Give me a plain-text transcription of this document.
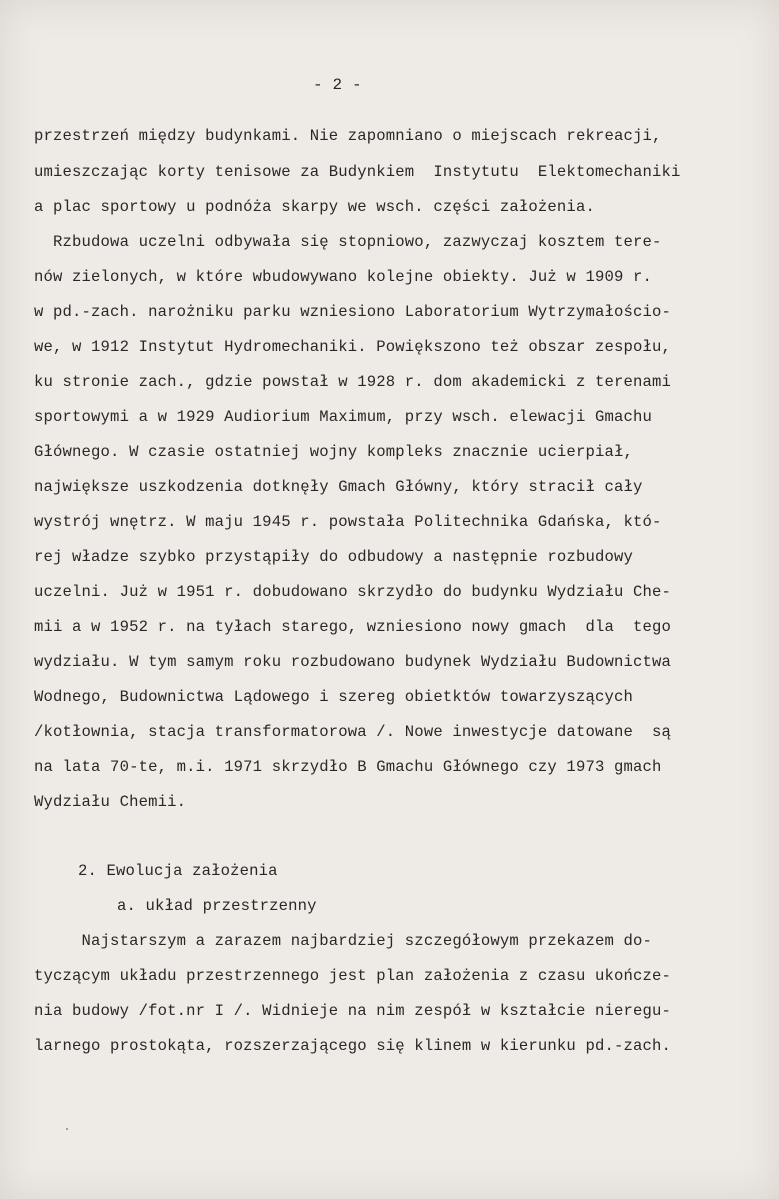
- 2 -
przestrzeń między budynkami. Nie zapomniano o miejscach rekreacji,
umieszczając korty tenisowe za Budynkiem  Instytutu  Elektomechaniki
a plac sportowy u podnóża skarpy we wsch. części założenia.
Rzbudowa uczelni odbywała się stopniowo, zazwyczaj kosztem tere-
nów zielonych, w które wbudowywano kolejne obiekty. Już w 1909 r.
w pd.-zach. narożniku parku wzniesiono Laboratorium Wytrzymałościo-
we, w 1912 Instytut Hydromechaniki. Powiększono też obszar zespołu,
ku stronie zach., gdzie powstał w 1928 r. dom akademicki z terenami
sportowymi a w 1929 Audiorium Maximum, przy wsch. elewacji Gmachu
Głównego. W czasie ostatniej wojny kompleks znacznie ucierpiał,
największe uszkodzenia dotknęły Gmach Główny, który stracił cały
wystrój wnętrz. W maju 1945 r. powstała Politechnika Gdańska, któ-
rej władze szybko przystąpiły do odbudowy a następnie rozbudowy
uczelni. Już w 1951 r. dobudowano skrzydło do budynku Wydziału Che-
mii a w 1952 r. na tyłach starego, wzniesiono nowy gmach  dla  tego
wydziału. W tym samym roku rozbudowano budynek Wydziału Budownictwa
Wodnego, Budownictwa Lądowego i szereg obietktów towarzyszących
/kotłownia, stacja transformatorowa /. Nowe inwestycje datowane  są
na lata 70-te, m.i. 1971 skrzydło B Gmachu Głównego czy 1973 gmach
Wydziału Chemii.
2. Ewolucja założenia
a. układ przestrzenny
Najstarszym a zarazem najbardziej szczegółowym przekazem do-
tyczącym układu przestrzennego jest plan założenia z czasu ukończe-
nia budowy /fot.nr I /. Widnieje na nim zespół w kształcie nieregu-
larnego prostokąta, rozszerzającego się klinem w kierunku pd.-zach.
